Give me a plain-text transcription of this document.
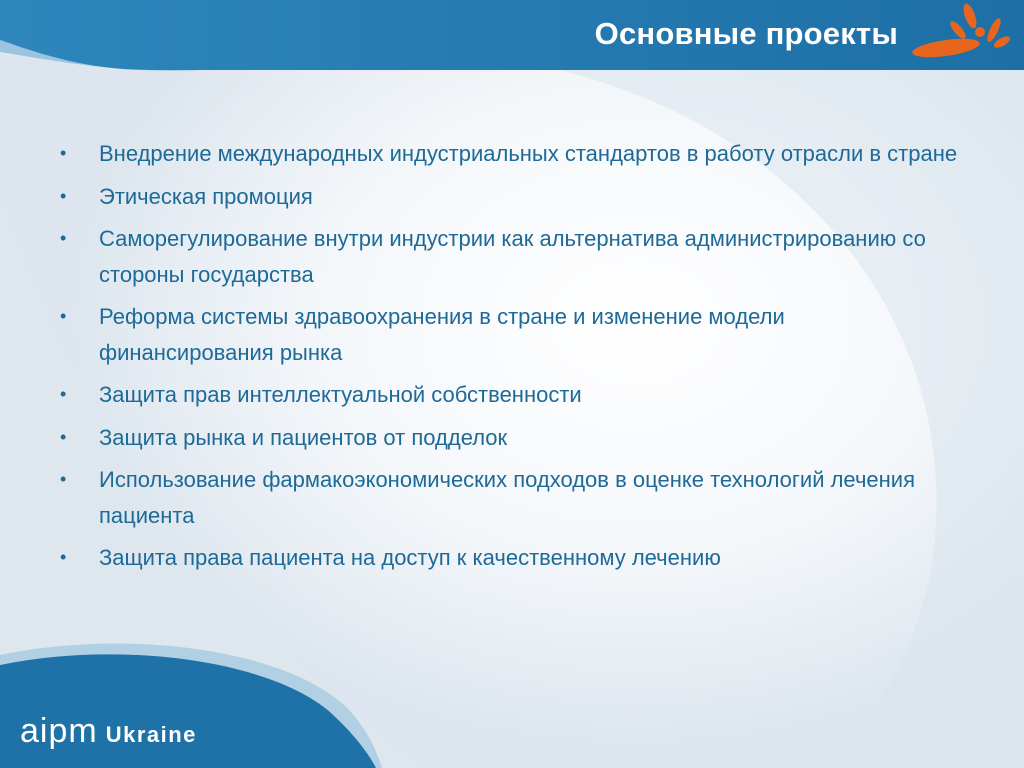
Основные проекты
• Внедрение международных индустриальных стандартов в работу отрасли в стране
• Этическая промоция
• Саморегулирование внутри индустрии как альтернатива администрированию со стороны государства
• Реформа системы здравоохранения в стране и изменение модели финансирования рынка
• Защита прав интеллектуальной собственности
• Защита рынка и пациентов от подделок
• Использование фармакоэкономических подходов в оценке технологий лечения пациента
• Защита права пациента на доступ к качественному лечению
aipm Ukraine
